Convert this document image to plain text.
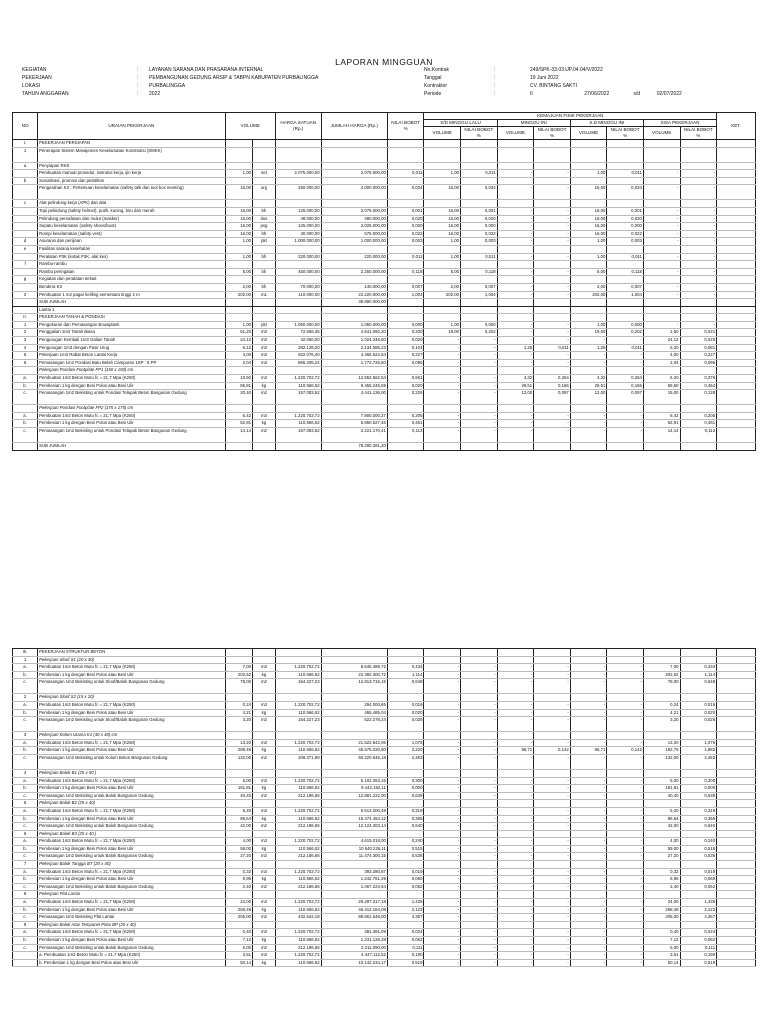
LAPORAN MINGGUAN
KEGIATAN	:	LAYANAN SARANA DAN PRASARANA INTERNAL
PEKERJAAN	:	PEMBANGUNAN GEDUNG ARSIP & TABPN KABUPATEN PURBALINGGA
LOKASI	:	PURBALINGGA
TAHUN ANGGARAN	:	2022
No.Kontrak	:	249/SPK-33.03.UP.04.04/V/2022
Tanggal	:	19 Juni 2022
Kontraktor	:	CV. BINTANG SAKTI
Periode	:	II	27/06/2022	s/d	02/07/2022
NO	URAIAN PEKERJAAN	VOLUME		HARGA SATUAN (Rp.)	JUMLAH HARGA (Rp.)	NILAI BOBOT %	KEMAJUAN FISIK PEKERJAAN								KET.
							S/D MINGGU LALU		MINGGU INI		S.D MINGGU INI		SISA PEKERJAAN		
							VOLUME	NILAI BOBOT %	VOLUME	NILAI BOBOT %	VOLUME	NILAI BOBOT %	VOLUME	NILAI BOBOT %	
I.	PEKERJAAN PERSIAPAN														
1	Penerapan Sistem Manajemen Keselamatan Konstruksi (SMKK)														
a	Penyiapan RKK														
	Pembuatan manual prosedur, instruksi kerja, ijin kerja	1,00	set	2.075.000,00	2.075.000,00	0,011	1,00	0,011	-	-	1,00	0,011	-	-	
b	Sosialisasi, promosi dan pelatihan														
	Pengarahan K3 : Pertemuan keselamatan (safety talk dan tool box meeting)	16,00	org	250.000,00	4.000.000,00	0,034	16,00	0,034	-	-	16,00	0,034	-	-	
c	Alat pelindung kerja (APK) dan alat														
	Topi pelindung (safety helmet), putih, kuning, biru dan merah	16,00	bh	125.000,00	2.075.000,00	0,001	16,00	0,001	-	-	16,00	0,001	-	-	
	Pelindung pernafasan dan mulut (masker)	16,00	dos	48.000,00	480.000,00	0,020	16,00	0,020	-	-	16,00	0,020	-	-	
	Sepatu keselamatan (safety shoes/boot)	16,00	psg	125.000,00	2.025.000,00	0,000	16,00	0,000	-	-	16,00	0,000	-	-	
	Rompi keselamatan (safety vest)	16,00	bh	40.000,00	675.000,00	0,022	16,00	0,022	-	-	16,00	0,022	-	-	
d	Asuransi dan perijinan	1,00	pkt	1.000.000,00	1.000.000,00	0,003	1,00	0,003	-	-	1,00	0,003	-	-	
e	Fasilitas sarana kesehatan														
	Peralatan P3K (kotak P3K, alat kes)	1,00	bh	220.000,00	220.000,00	0,011	1,00	0,011	-	-	1,00	0,011	-	-	
f	Rambu-rambu														
	Rambu peringatan	5,00	bh	450.000,00	2.250.000,00	0,118	5,00	0,118	-	-	5,00	0,118	-	-	
g	Kegiatan dan peralatan terkait														
	Bendera K3	2,00	bh	70.000,00	140.000,00	0,007	2,00	0,007	-	-	2,00	0,007	-	-	
2	Pembuatan 1 m2 pagar keliling sementara tinggi 2 m	202,00	m1	110.000,00	22.220.000,00	1,004	202,00	1,004	-	-	202,00	1,004	-	-	
	SUB JUMLAH				38.890.000,00										
	Lantai 1														
II.	PEKERJAAN TANAH & PONDASI														
1	Pengukuran dan Pemasangan Bouwplank	1,00	pkt	1.050.000,00	1.050.000,00	0,000	1,00	0,000	-	-	1,00	0,000	-	-	
2	Penggalian 1m3 Tanah Biasa	61,20	m3	72.566,35	4.541.060,20	0,200	19,00	0,202	-	-	19,00	0,202	1,50	0,021	
3	Pengurugan Kembali 1m3 Galian Tanah	24,12	m3	42.050,00	1.024.246,50	0,020	-	-	-	-	-	-	24,12	0,020	
4	Pengurugan 1m3 dengan Pasir Urug	6,12	m3	282.128,20	2.134.085,23	0,104	-	-	1,25	0,011	1,25	0,011	6,20	0,081	
5	Pekerjaan 1m3 Rabat Beton Lantai Kerja	4,00	m3	922.076,40	4.466.522,64	0,227	-	-	-	-	-	-	4,00	0,227	
6	Pemasangan 1m2 Pondasi Batu Belah Campuran 1SP : 5 PP	2,04	m3	866.205,24	1.772.725,60	0,096	-	-	-	-	-	-	2,04	0,096	
	Pekerjaan Pondasi Footplate FP1 (150 x 150) cm														
a.	Pembuatan 1m3 Beton Mutu fc = 21,7 Mpa (K250)	10,92	m3	1.220.702,72	12.552.562,54	0,661	-	-	4,32	0,264	4,32	0,264	6,20	0,376	
b.	Pembesian 1 kg dengan Besi Polos atau Besi Ulir	85,81	kg	110.566,52	9.455.245,59	0,020	-	-	29,51	0,166	29,51	0,166	55,50	0,464	
c.	Pemasangan 1m2 Bekisting untuk Pondasi Telapak Beton Bangunan Gedung	20,40	m2	157.083,52	4.441.136,00	0,226	-	-	12,00	0,097	12,00	0,097	15,00	0,128	
	Pekerjaan Pondasi Footplate FP2 (175 x 175) cm														
a.	Pembuatan 1m3 Beton Mutu fc = 21,7 Mpa (K250)	6,42	m3	1.220.702,72	7.800.000,27	0,205	-	-	-	-	-	-	6,42	0,205	
b.	Pembesian 1 kg dengan Besi Polos atau Besi Ulir	52,91	kg	110.566,52	5.850.527,46	0,461	-	-	-	-	-	-	52,91	0,461	
c.	Pemasangan 1m2 Bekisting untuk Pondasi Telapak Beton Bangunan Gedung	14,14	m2	157.083,52	2.221.170,41	0,113	-	-	-	-	-	-	14,14	0,113	
	SUB JUMLAH				78.290.281,20										
III.	PEKERJAAN STRUKTUR BETON														
1	Pekerjaan Sloof S1 (20 x 30)														
a.	Pembuatan 1m3 Beton Mutu fc = 21,7 Mpa (K250)	7,00	m3	1.220.702,72	8.545.489,72	0,434	-	-	-	-	-	-	7,00	0,434	
b.	Pembesian 1 kg dengan Besi Polos atau Besi Ulir	202,52	kg	110.566,52	22.392.300,72	1,114	-	-	-	-	-	-	202,52	1,114	
c.	Pemasangan 1m2 Bekisting untuk Sloof/Balok Bangunan Gedung	78,00	m2	164.227,23	12.813.716,15	0,648	-	-	-	-	-	-	78,00	0,648	
2	Pekerjaan Sloof S2 (15 x 20)														
a.	Pembuatan 1m3 Beton Mutu fc = 21,7 Mpa (K250)	0,24	m3	1.220.702,72	294.000,65	0,016	-	-	-	-	-	-	0,24	0,016	
b.	Pembesian 1 kg dengan Besi Polos atau Besi Ulir	4,21	kg	110.566,52	465.485,04	0,020	-	-	-	-	-	-	4,21	0,020	
c.	Pemasangan 1m2 Bekisting untuk Sloof/Balok Bangunan Gedung	3,20	m2	164.227,23	522.278,24	0,026	-	-	-	-	-	-	3,20	0,026	
3	Pekerjaan Kolom Utama K1 (40 x 40) cm														
a.	Pembuatan 1m3 Beton Mutu fc = 21,7 Mpa (K250)	13,20	m3	1.220.702,72	21.522.842,06	1,076	-	-	-	-	-	-	13,20	1,076	
b.	Pembesian 1 kg dengan Besi Polos atau Besi Ulir	289,46	kg	110.566,52	45.575.020,80	2,220	-	-	96,71	0,142	96,71	0,142	192,75	1,882	
c.	Pemasangan 1m2 Bekisting untuk Kolom Beton Bangunan Gedung	132,00	m2	209.371,99	50.220.646,18	2,453	-	-	-	-	-	-	132,00	2,453	
4	Pekerjaan Balok B1 (25 x 50 )														
a.	Pembuatan 1m3 Beton Mutu fc = 21,7 Mpa (K250)	5,00	m3	1.220.702,72	6.102.363,16	0,300	-	-	-	-	-	-	5,00	0,300	
b.	Pembesian 1 kg dengan Besi Polos atau Besi Ulir	181,81	kg	110.566,52	9.442.182,11	0,000	-	-	-	-	-	-	181,81	0,000	
c.	Pemasangan 1m2 Bekisting untuk Balok Bangunan Gedung	40,40	m2	212.186,66	12.881.222,00	0,639	-	-	-	-	-	-	40,40	0,639	
5	Pekerjaan Balok B2 (25 x 40)														
a.	Pembuatan 1m3 Beton Mutu fc = 21,7 Mpa (K250)	5,20	m3	1.220.702,72	6.512.200,48	0,319	-	-	-	-	-	-	5,20	0,319	
b.	Pembesian 1 kg dengan Besi Polos atau Besi Ulir	86,64	kg	110.566,52	15.474.454,12	0,355	-	-	-	-	-	-	86,64	0,355	
c.	Pemasangan 1m2 Bekisting untuk Balok Bangunan Gedung	42,00	m2	212.186,66	12.124.203,14	0,640	-	-	-	-	-	-	42,00	0,640	
6	Pekerjaan Balok B3 (25 x 40 )														
a.	Pembuatan 1m3 Beton Mutu fc = 21,7 Mpa (K250)	4,00	m3	1.220.702,72	4.615.018,00	0,240	-	-	-	-	-	-	4,00	0,240	
b.	Pembesian 1 kg dengan Besi Polos atau Besi Ulir	59,00	kg	110.566,52	10.540.226,11	0,515	-	-	-	-	-	-	59,00	0,515	
c.	Pemasangan 1m2 Bekisting untuk Balok Bangunan Gedung	27,20	m2	212.186,66	11.474.300,15	0,536	-	-	-	-	-	-	27,20	0,536	
7	Pekerjaan Balok Tangga BT (20 x 40)														
a.	Pembuatan 1m3 Beton Mutu fc = 21,7 Mpa (K250)	0,32	m3	1.220.702,72	392.280,87	0,019	-	-	-	-	-	-	0,32	0,019	
b.	Pembesian 1 kg dengan Besi Polos atau Besi Ulir	6,96	kg	110.566,52	1.242.761,29	0,060	-	-	-	-	-	-	6,96	0,060	
c.	Pemasangan 1m2 Bekisting untuk Balok Bangunan Gedung	2,40	m2	212.186,66	1.067.223,64	0,052	-	-	-	-	-	-	2,40	0,052	
8	Pekerjaan Plat Lantai														
a.	Pembuatan 1m3 Beton Mutu fc = 21,7 Mpa (K250)	24,00	m3	1.220.702,72	29.297.217,18	1,435	-	-	-	-	-	-	24,00	1,435	
b.	Pembesian 1 kg dengan Besi Polos atau Besi Ulir	258,48	kg	110.566,52	46.412.164,08	2,123	-	-	-	-	-	-	258,48	2,123	
c.	Pemasangan 1m2 Bekisting Plat Lantai	205,00	m2	432.642,18	88.861.648,00	4,357	-	-	-	-	-	-	205,00	4,357	
9	Pekerjaan Balok Atas Tempanel Pintu BP (20 x 40)														
a.	Pembuatan 1m3 Beton Mutu fc = 21,7 Mpa (K250)	0,40	m3	1.220.702,72	481.361,09	0,024	-	-	-	-	-	-	0,40	0,024	
b.	Pembesian 1 kg dengan Besi Polos atau Besi Ulir	7,12	kg	110.566,52	1.231.126,28	0,062	-	-	-	-	-	-	7,12	0,062	
c.	Pemasangan 1m2 Bekisting untuk Balok Bangunan Gedung	5,00	m2	212.186,66	2.211.090,00	0,111	-	-	-	-	-	-	5,00	0,111	
	a. Pembuatan 1m3 Beton Mutu fc = 21,7 Mpa (K250)	3,51	m3	1.220.702,72	4.447.112,52	0,190	-	-	-	-	-	-	3,51	0,190	
	b. Pembesian 1 kg dengan Besi Polos atau Besi Ulir	50,14	kg	110.566,52	10.142.234,17	0,519	-	-	-	-	-	-	50,14	0,519	
